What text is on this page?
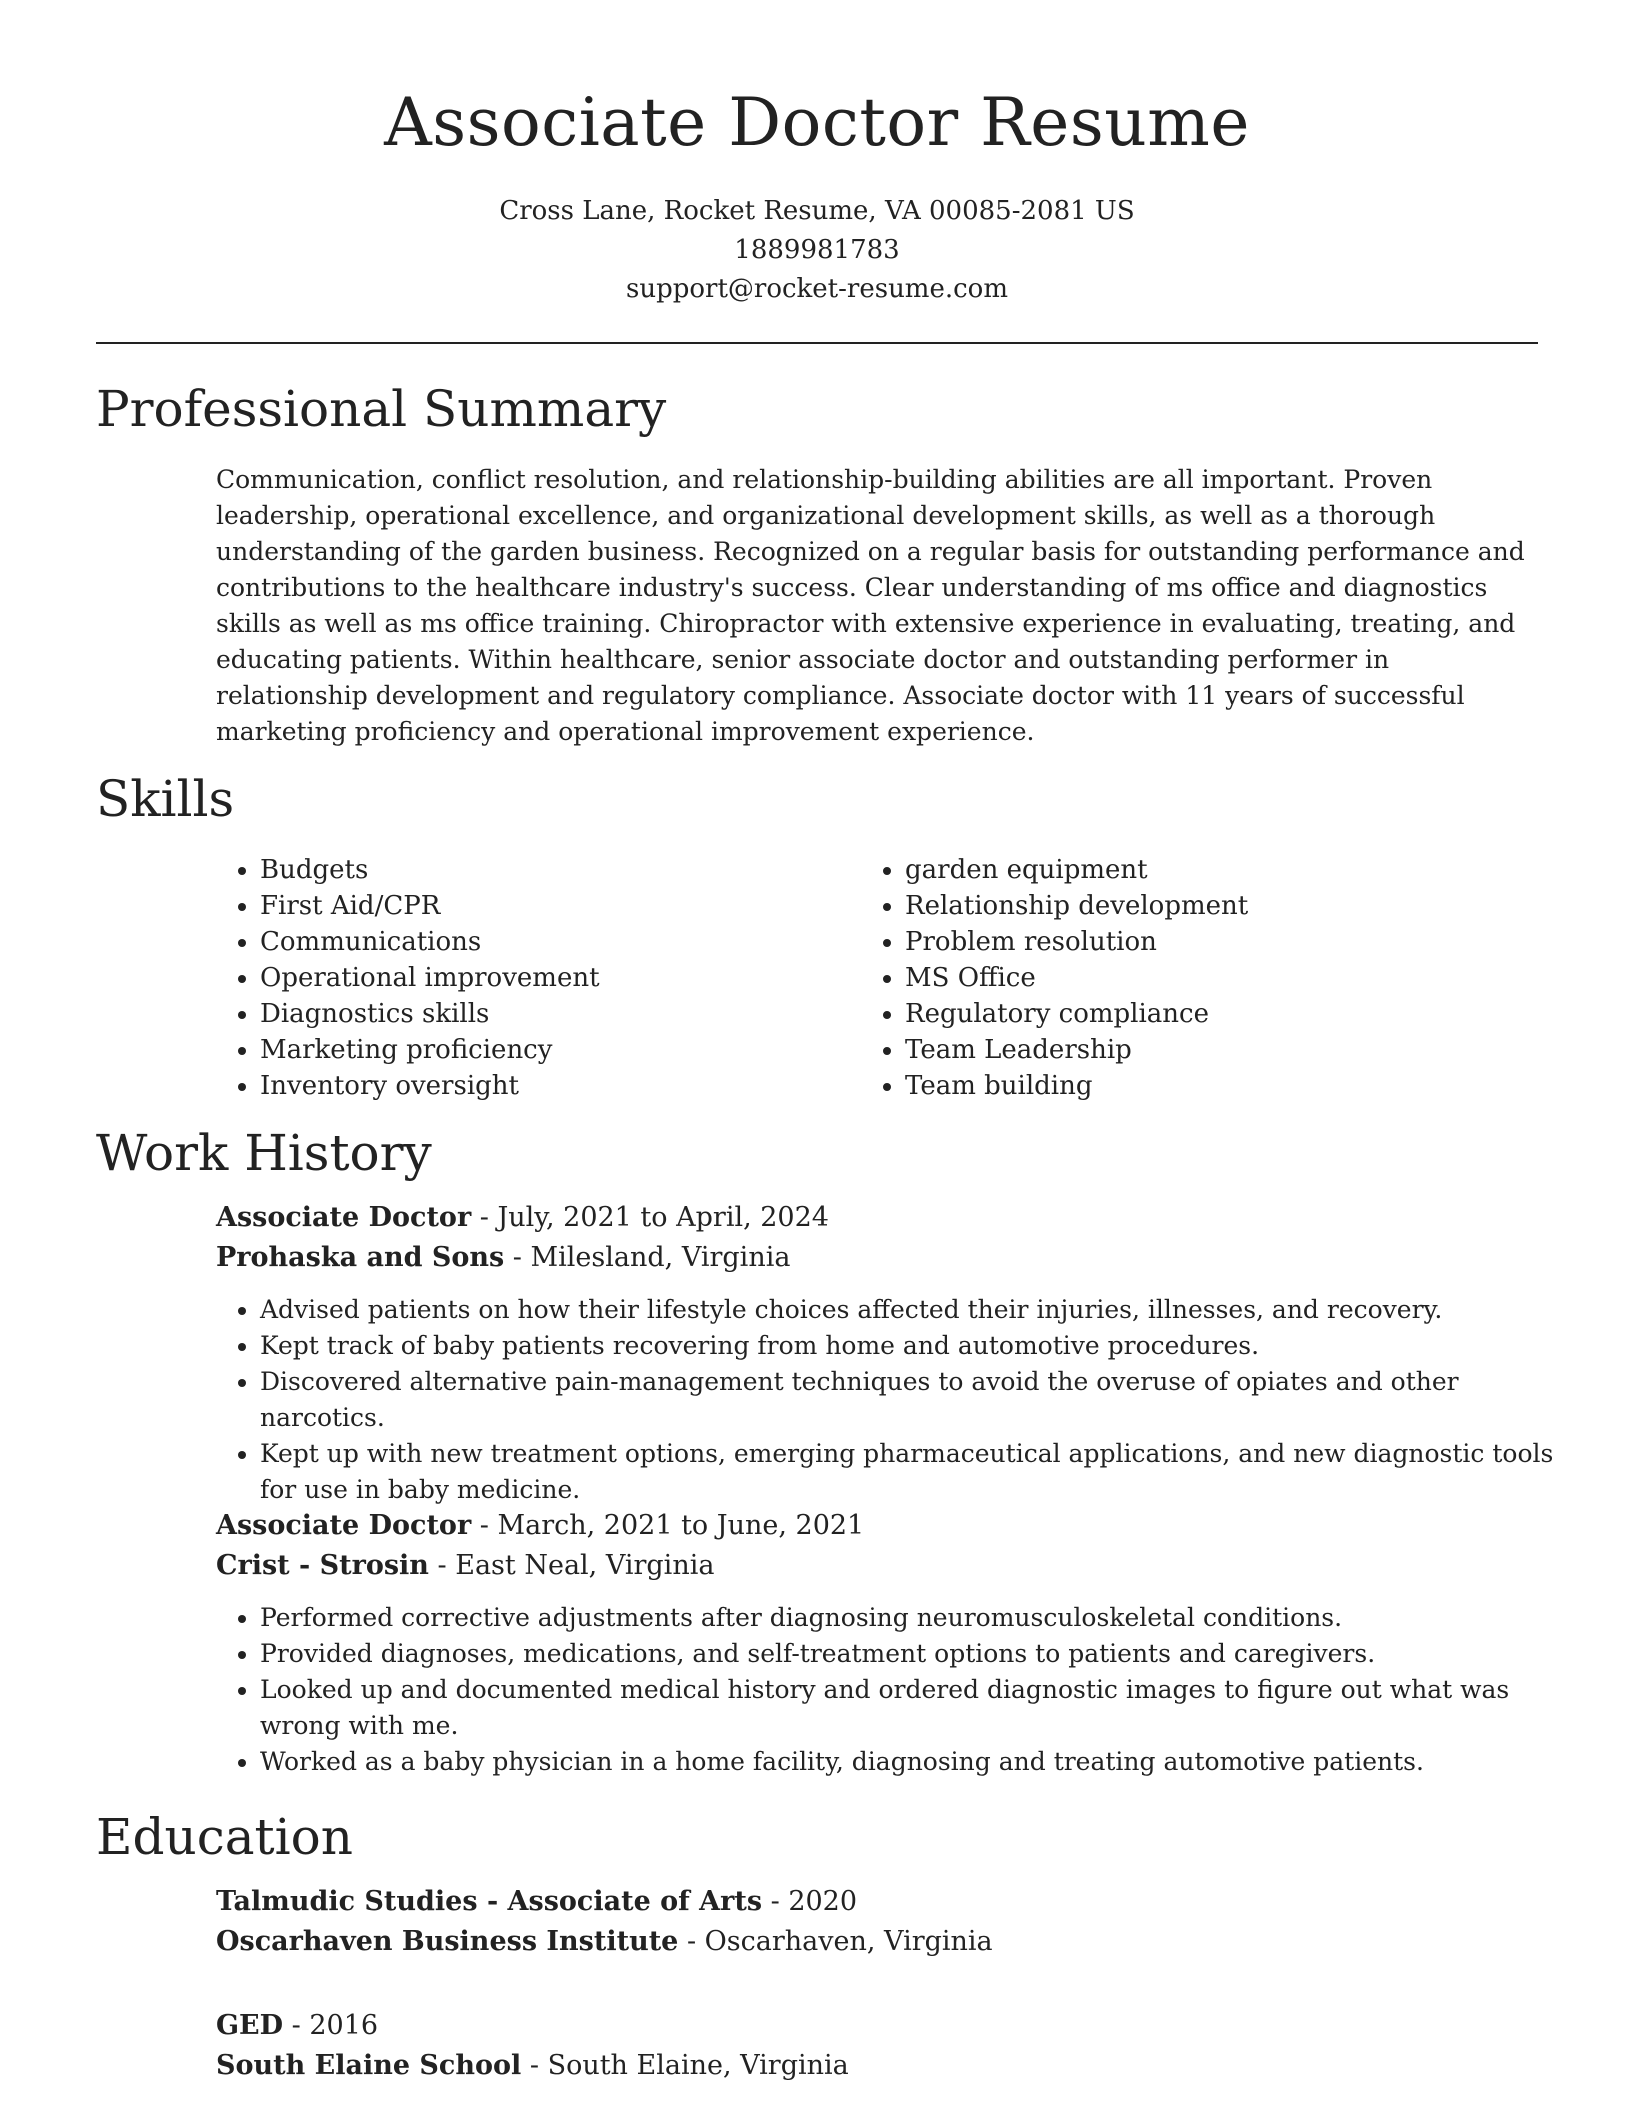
Associate Doctor Resume
Cross Lane, Rocket Resume, VA 00085-2081 US
1889981783
support@rocket-resume.com
Professional Summary

Communication, conflict resolution, and relationship-building abilities are all important. Proven leadership, operational excellence, and organizational development skills, as well as a thorough understanding of the garden business. Recognized on a regular basis for outstanding performance and contributions to the healthcare industry's success. Clear understanding of ms office and diagnostics skills as well as ms office training. Chiropractor with extensive experience in evaluating, treating, and educating patients. Within healthcare, senior associate doctor and outstanding performer in relationship development and regulatory compliance. Associate doctor with 11 years of successful marketing proficiency and operational improvement experience.

Skills
• Budgets
• First Aid/CPR
• Communications
• Operational improvement
• Diagnostics skills
• Marketing proficiency
• Inventory oversight
• garden equipment
• Relationship development
• Problem resolution
• MS Office
• Regulatory compliance
• Team Leadership
• Team building
Work History
Associate Doctor - July, 2021 to April, 2024
Prohaska and Sons - Milesland, Virginia
• Advised patients on how their lifestyle choices affected their injuries, illnesses, and recovery.
• Kept track of baby patients recovering from home and automotive procedures.
• Discovered alternative pain-management techniques to avoid the overuse of opiates and other narcotics.
• Kept up with new treatment options, emerging pharmaceutical applications, and new diagnostic tools for use in baby medicine.
Associate Doctor - March, 2021 to June, 2021
Crist - Strosin - East Neal, Virginia
• Performed corrective adjustments after diagnosing neuromusculoskeletal conditions.
• Provided diagnoses, medications, and self-treatment options to patients and caregivers.
• Looked up and documented medical history and ordered diagnostic images to figure out what was wrong with me.
• Worked as a baby physician in a home facility, diagnosing and treating automotive patients.
Education
Talmudic Studies - Associate of Arts - 2020
Oscarhaven Business Institute - Oscarhaven, Virginia
GED - 2016
South Elaine School - South Elaine, Virginia
